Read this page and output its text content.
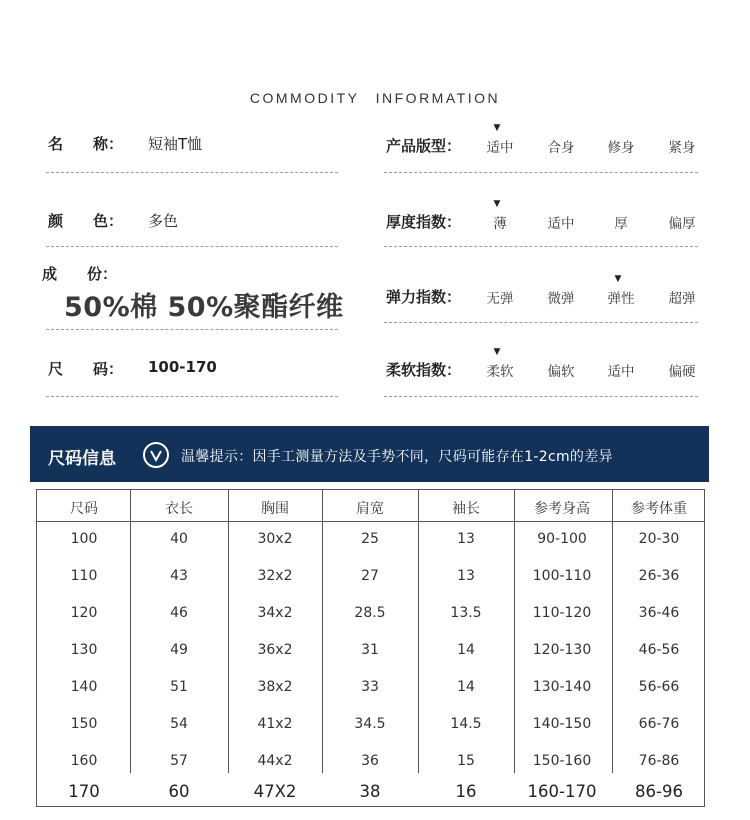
COMMODITY INFORMATION
名　　称： 短袖T恤
颜　　色： 多色
成　　份：
50%棉 50%聚酯纤维
尺　　码： 100-170
产品版型：	适中	合身	修身	紧身
▼
厚度指数：	薄	适中	厚	偏厚
▼
弹力指数：	无弹	微弹	弹性	超弹
▼
柔软指数：	柔软	偏软	适中	偏硬
▼
尺码信息	温馨提示：因手工测量方法及手势不同，尺码可能存在1-2cm的差异
尺码	衣长	胸围	肩宽	袖长	参考身高	参考体重
100	40	30x2	25	13	90-100	20-30
110	43	32x2	27	13	100-110	26-36
120	46	34x2	28.5	13.5	110-120	36-46
130	49	36x2	31	14	120-130	46-56
140	51	38x2	33	14	130-140	56-66
150	54	41x2	34.5	14.5	140-150	66-76
160	57	44x2	36	15	150-160	76-86
170	60	47X2	38	16	160-170	86-96
